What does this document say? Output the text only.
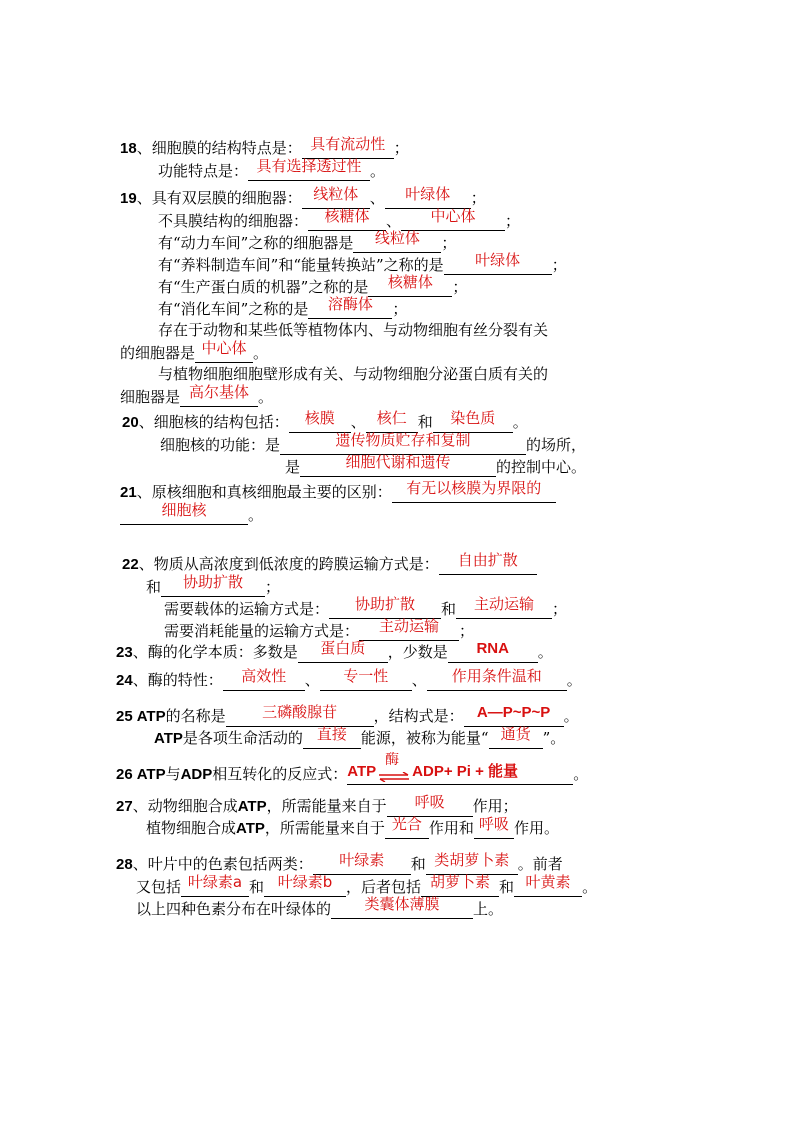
18、细胞膜的结构特点是： 具有流动性 ；
功能特点是： 具有选择透过性 。
19、具有双层膜的细胞器： 线粒体 、 叶绿体 ；
不具膜结构的细胞器： 核糖体 、 中心体 ；
有“动力车间”之称的细胞器是 线粒体 ；
有“养料制造车间”和“能量转换站”之称的是 叶绿体 ；
有“生产蛋白质的机器”之称的是 核糖体 ；
有“消化车间”之称的是 溶酶体 ；
存在于动物和某些低等植物体内、与动物细胞有丝分裂有关
的细胞器是 中心体 。
与植物细胞细胞壁形成有关、与动物细胞分泌蛋白质有关的
细胞器是 高尔基体 。
20、细胞核的结构包括： 核膜 、 核仁 和 染色质 。
细胞核的功能：是	遗传物质贮存和复制	的场所，
是	细胞代谢和遗传	的控制中心。
21、原核细胞和真核细胞最主要的区别： 有无以核膜为界限的
细胞核	。
22、物质从高浓度到低浓度的跨膜运输方式是： 自由扩散
和 协助扩散 ；
需要载体的运输方式是： 协助扩散 和 主动运输 ；
需要消耗能量的运输方式是： 主动运输 ；
23、酶的化学本质：多数是 蛋白质 ，少数是 RNA 。
24、酶的特性： 高效性 、 专一性 、 作用条件温和 。
25 ATP的名称是 三磷酸腺苷 ，结构式是： A—P~P~P 。
ATP是各项生命活动的 直接 能源，被称为能量“ 通货 ”。
26 ATP与ADP相互转化的反应式：ATP
酶
ADP+ Pi + 能量	。
27、动物细胞合成ATP，所需能量来自于 呼吸 作用；
植物细胞合成ATP，所需能量来自于 光合 作用和 呼吸 作用。
28、叶片中的色素包括两类： 叶绿素 和 类胡萝卜素 。前者
又包括 叶绿素a 和 叶绿素b ，后者包括 胡萝卜素 和 叶黄素 。
以上四种色素分布在叶绿体的 类囊体薄膜 上。
